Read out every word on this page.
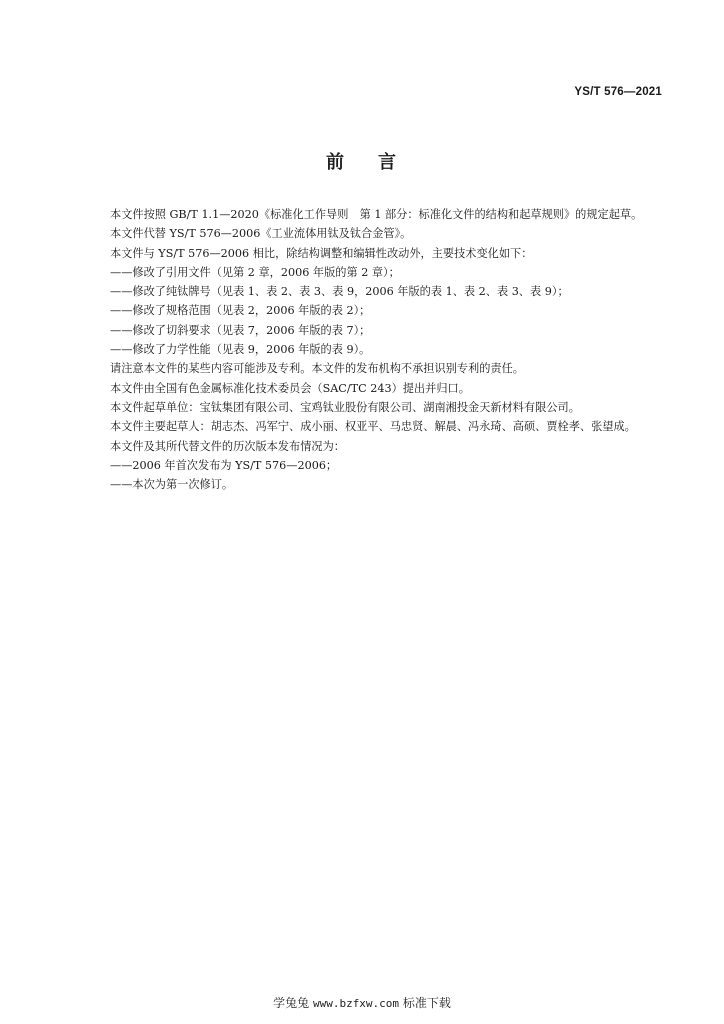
YS/T 576—2021
前 言

本文件按照 GB/T 1.1—2020《标准化工作导则　第 1 部分：标准化文件的结构和起草规则》的规定起草。

本文件代替 YS/T 576—2006《工业流体用钛及钛合金管》。

本文件与 YS/T 576—2006 相比，除结构调整和编辑性改动外，主要技术变化如下：

——修改了引用文件（见第 2 章，2006 年版的第 2 章）；

——修改了纯钛牌号（见表 1、表 2、表 3、表 9，2006 年版的表 1、表 2、表 3、表 9）；

——修改了规格范围（见表 2，2006 年版的表 2）；

——修改了切斜要求（见表 7，2006 年版的表 7）；

——修改了力学性能（见表 9，2006 年版的表 9）。

请注意本文件的某些内容可能涉及专利。本文件的发布机构不承担识别专利的责任。

本文件由全国有色金属标准化技术委员会（SAC/TC 243）提出并归口。

本文件起草单位：宝钛集团有限公司、宝鸡钛业股份有限公司、湖南湘投金天新材料有限公司。

本文件主要起草人：胡志杰、冯军宁、成小丽、权亚平、马忠贤、解晨、冯永琦、高硕、贾栓孝、张望成。

本文件及其所代替文件的历次版本发布情况为：

——2006 年首次发布为 YS/T 576—2006；

——本次为第一次修订。

学兔兔 www.bzfxw.com 标准下载
